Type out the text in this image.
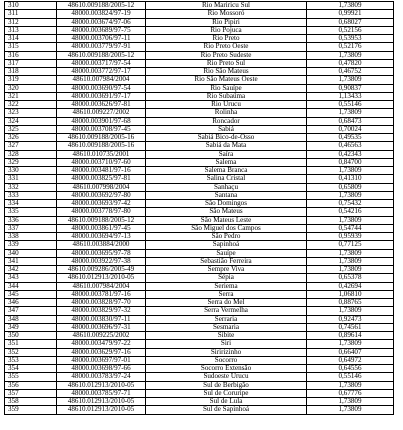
310	48610.009188/2005-12	Rio Mariricu Sul	1,73809
311	48000.003824/97-19	Rio Mossoró	0,99921
312	48000.003674/97-06	Rio Pipiri	0,68027
313	48000.003689/97-75	Rio Pojuca	0,52156
314	48000.003706/97-11	Rio Preto	0,53953
315	48000.003779/97-91	Rio Preto Oeste	0,52176
316	48610.009188/2005-12	Rio Preto Sudeste	1,73809
317	48000.003717/97-54	Rio Preto Sul	0,47820
318	48000.003772/97-17	Rio São Mateus	0,46752
319	48610.007984/2004	Rio São Mateus Oeste	1,73809
320	48000.003690/97-54	Rio Sauípe	0,90837
321	48000.003691/97-17	Rio Subaúma	1,13433
322	48000.003626/97-81	Rio Urucu	0,55146
323	48610.009227/2002	Rolinha	1,73809
324	48000.003901/97-68	Roncador	0,68473
325	48000.003708/97-45	Sabiá	0,70024
326	48610.009188/2005-16	Sabiá Bico-de-Osso	0,49535
327	48610.009188/2005-16	Sabiá da Mata	0,46563
328	48610.010735/2001	Saíra	0,42343
329	48000.003710/97-60	Salema	0,84700
330	48000.003481/97-16	Salema Branca	1,73809
331	48000.003825/97-81	Salina Cristal	0,41310
332	48610.007998/2004	Sanhaçu	0,65809
333	48000.003692/97-80	Santana	1,73809
334	48000.003693/97-42	São Domingos	0,75432
335	48000.003778/97-80	São Mateus	0,54216
336	48610.009188/2005-12	São Mateus Leste	1,73809
337	48000.003861/97-45	São Miguel dos Campos	0,54744
338	48000.003694/97-13	São Pedro	0,95939
339	48610.003884/2000	Sapinhoá	0,77125
340	48000.003695/97-78	Sauípe	1,73809
341	48000.003922/97-38	Sebastião Ferreira	1,73809
342	48610.009286/2005-49	Sempre Viva	1,73809
343	48610.012913/2010-05	Sépia	0,65378
344	48610.007984/2004	Seriema	0,42694
345	48000.003781/97-16	Serra	1,06810
346	48000.003828/97-70	Serra do Mel	0,88765
347	48000.003829/97-32	Serra Vermelha	1,73809
348	48000.003830/97-11	Serraria	0,92473
349	48000.003696/97-31	Sesmaria	0,74561
350	48610.009225/2002	Sibite	0,89614
351	48000.003479/97-22	Siri	1,73809
352	48000.003629/97-16	Siririzinho	0,66407
353	48000.003697/97-01	Socorro	0,64972
354	48000.003698/97-66	Socorro Extensão	0,64556
355	48000.003783/97-24	Sudoeste Urucu	0,55146
356	48610.012913/2010-05	Sul de Berbigão	1,73809
357	48000.003785/97-71	Sul de Coruripe	0,67776
358	48610.012913/2010-05	Sul de Lula	1,73809
359	48610.012913/2010-05	Sul de Sapinhoá	1,73809
